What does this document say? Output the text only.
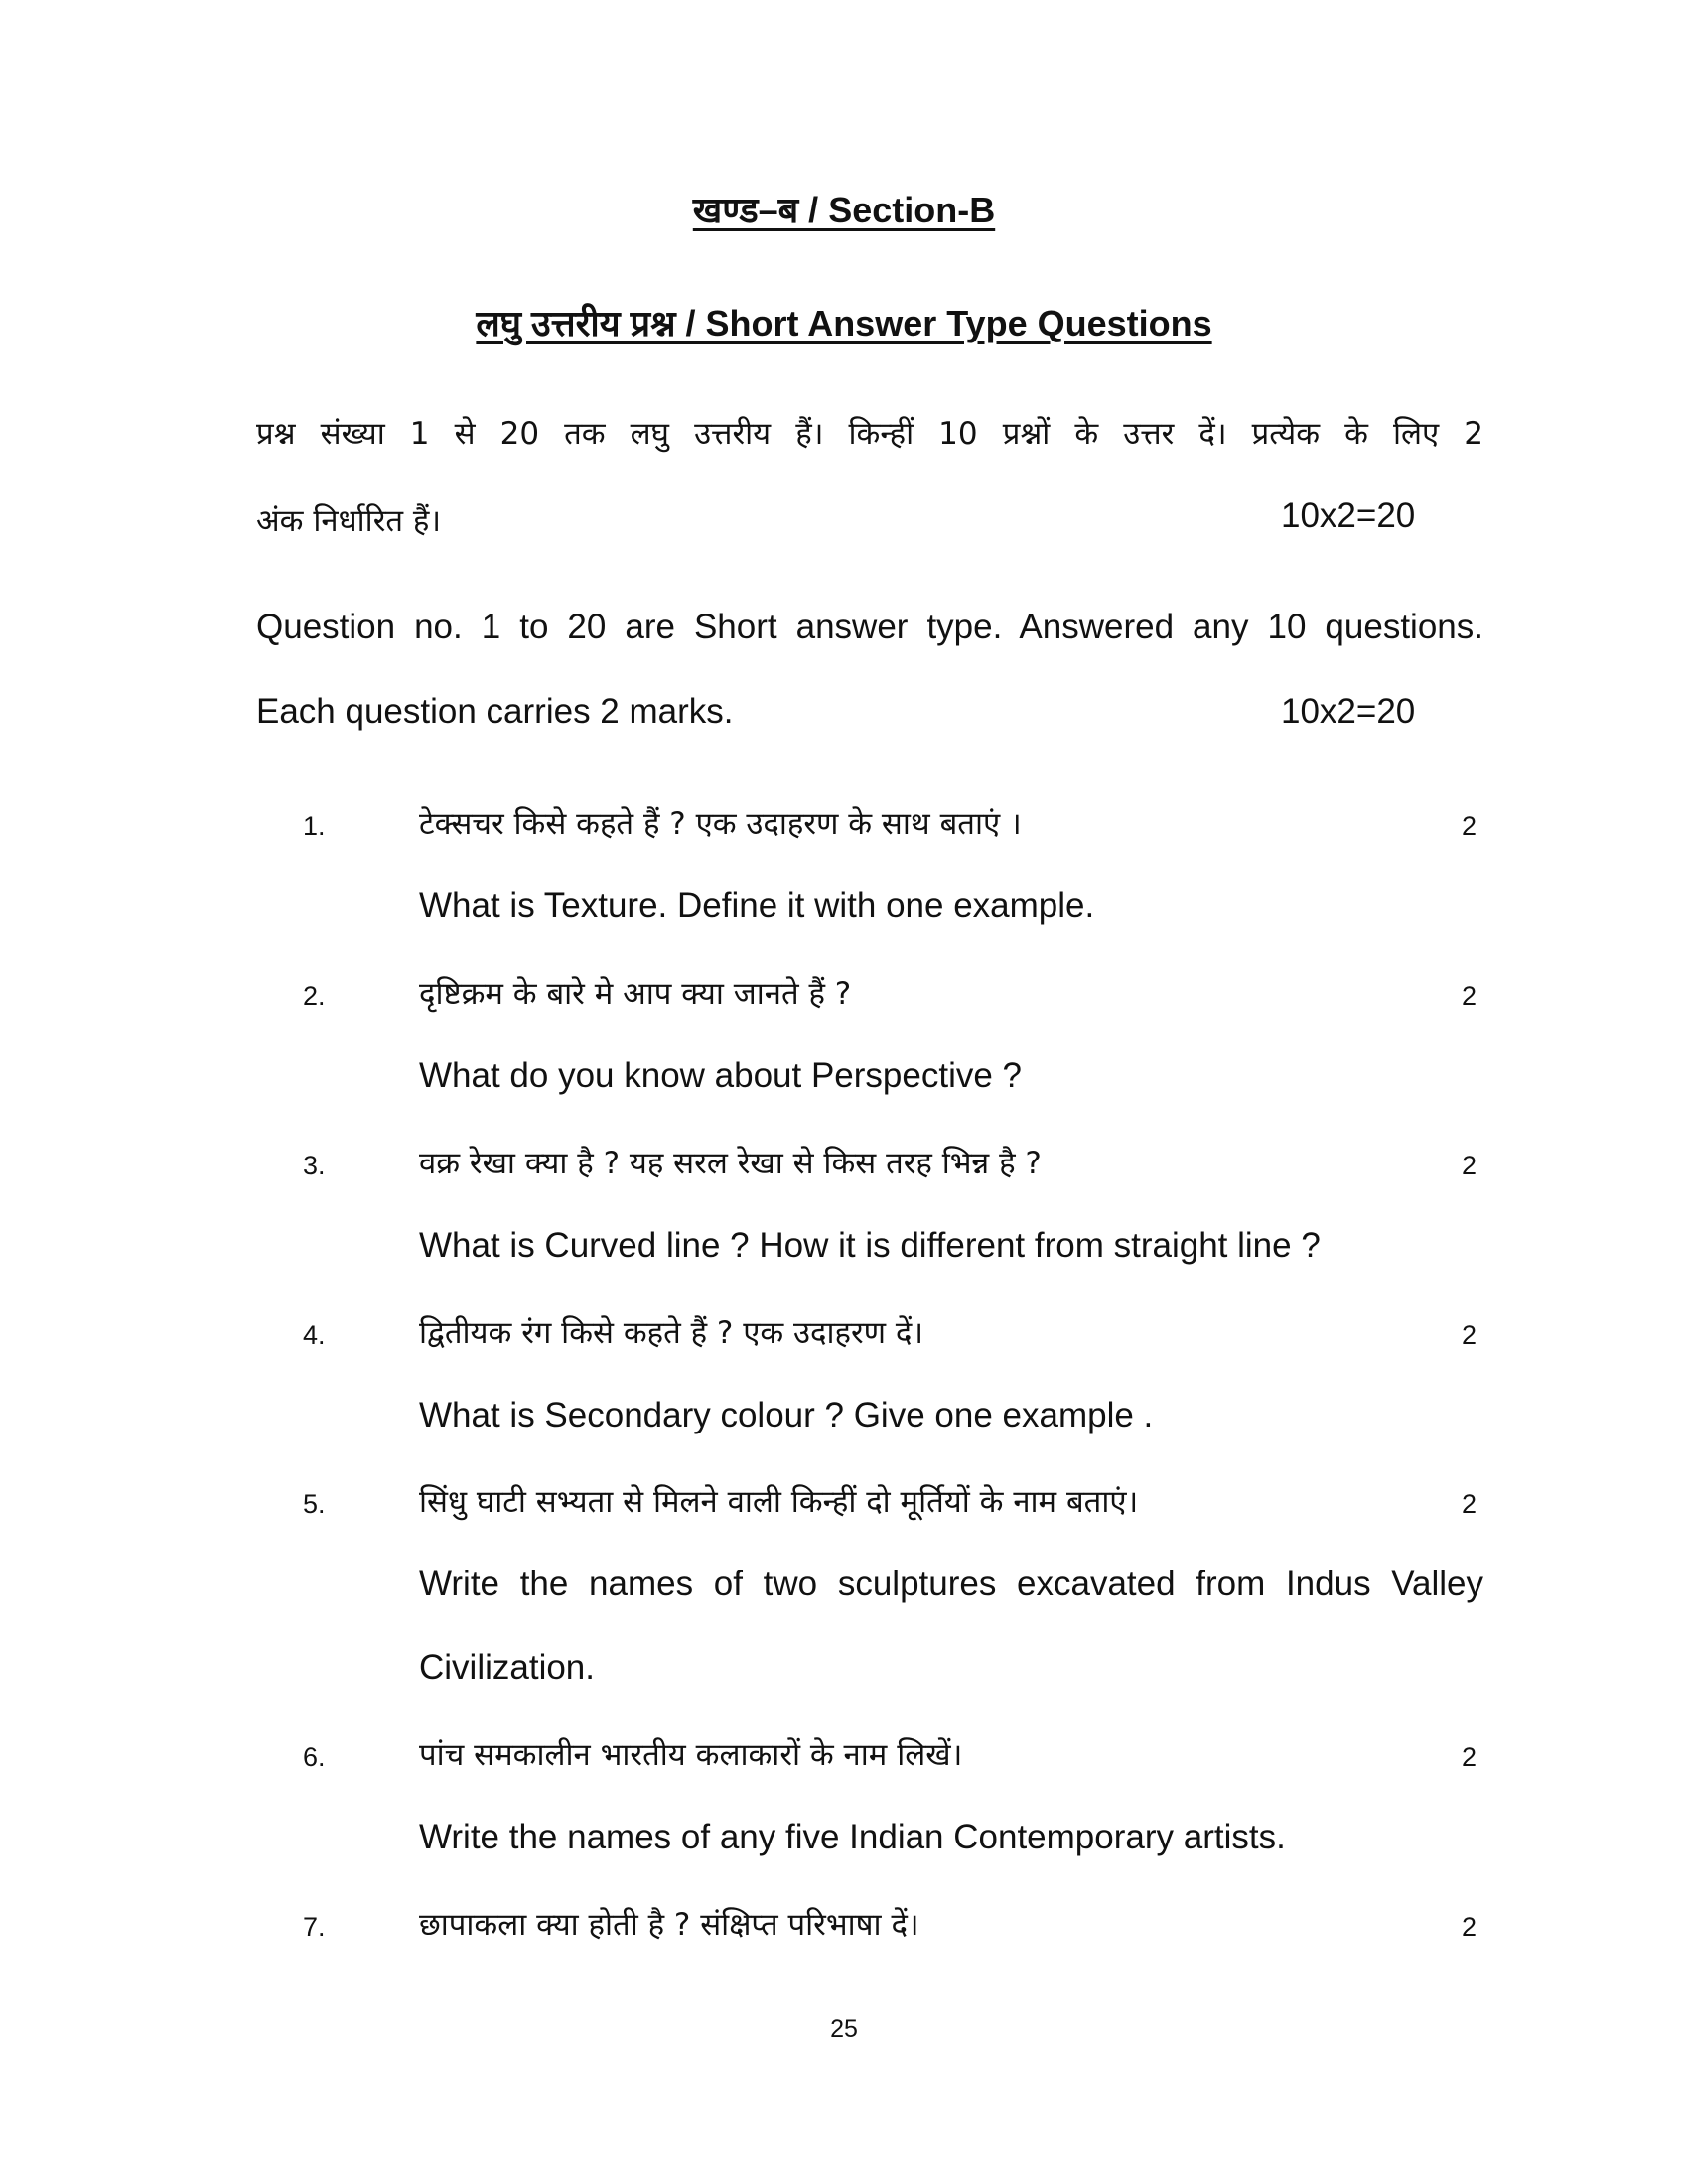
खण्ड–ब / Section-B
लघु उत्तरीय प्रश्न / Short Answer Type Questions
प्रश्न संख्या 1 से 20 तक लघु उत्तरीय हैं। किन्हीं 10 प्रश्नों के उत्तर दें। प्रत्येक के लिए 2
अंक निर्धारित हैं।	10x2=20
Question no. 1 to 20 are Short answer type. Answered any 10 questions.
Each question carries 2 marks.	10x2=20
1.	टेक्सचर किसे कहते हैं ? एक उदाहरण के साथ बताएं ।	2
What is Texture. Define it with one example.
2.	दृष्टिक्रम के बारे मे आप क्या जानते हैं ?	2
What do you know about Perspective ?
3.	वक्र रेखा क्या है ? यह सरल रेखा से किस तरह भिन्न है ?	2
What is Curved line ? How it is different from straight line ?
4.	द्वितीयक रंग किसे कहते हैं ? एक उदाहरण दें।	2
What is Secondary colour ? Give one example .
5.	सिंधु घाटी सभ्यता से मिलने वाली किन्हीं दो मूर्तियों के नाम बताएं।	2
Write the names of two sculptures excavated from Indus Valley
Civilization.
6.	पांच समकालीन भारतीय कलाकारों के नाम लिखें।	2
Write the names of any five Indian Contemporary artists.
7.	छापाकला क्या होती है ? संक्षिप्त परिभाषा दें।	2
25
